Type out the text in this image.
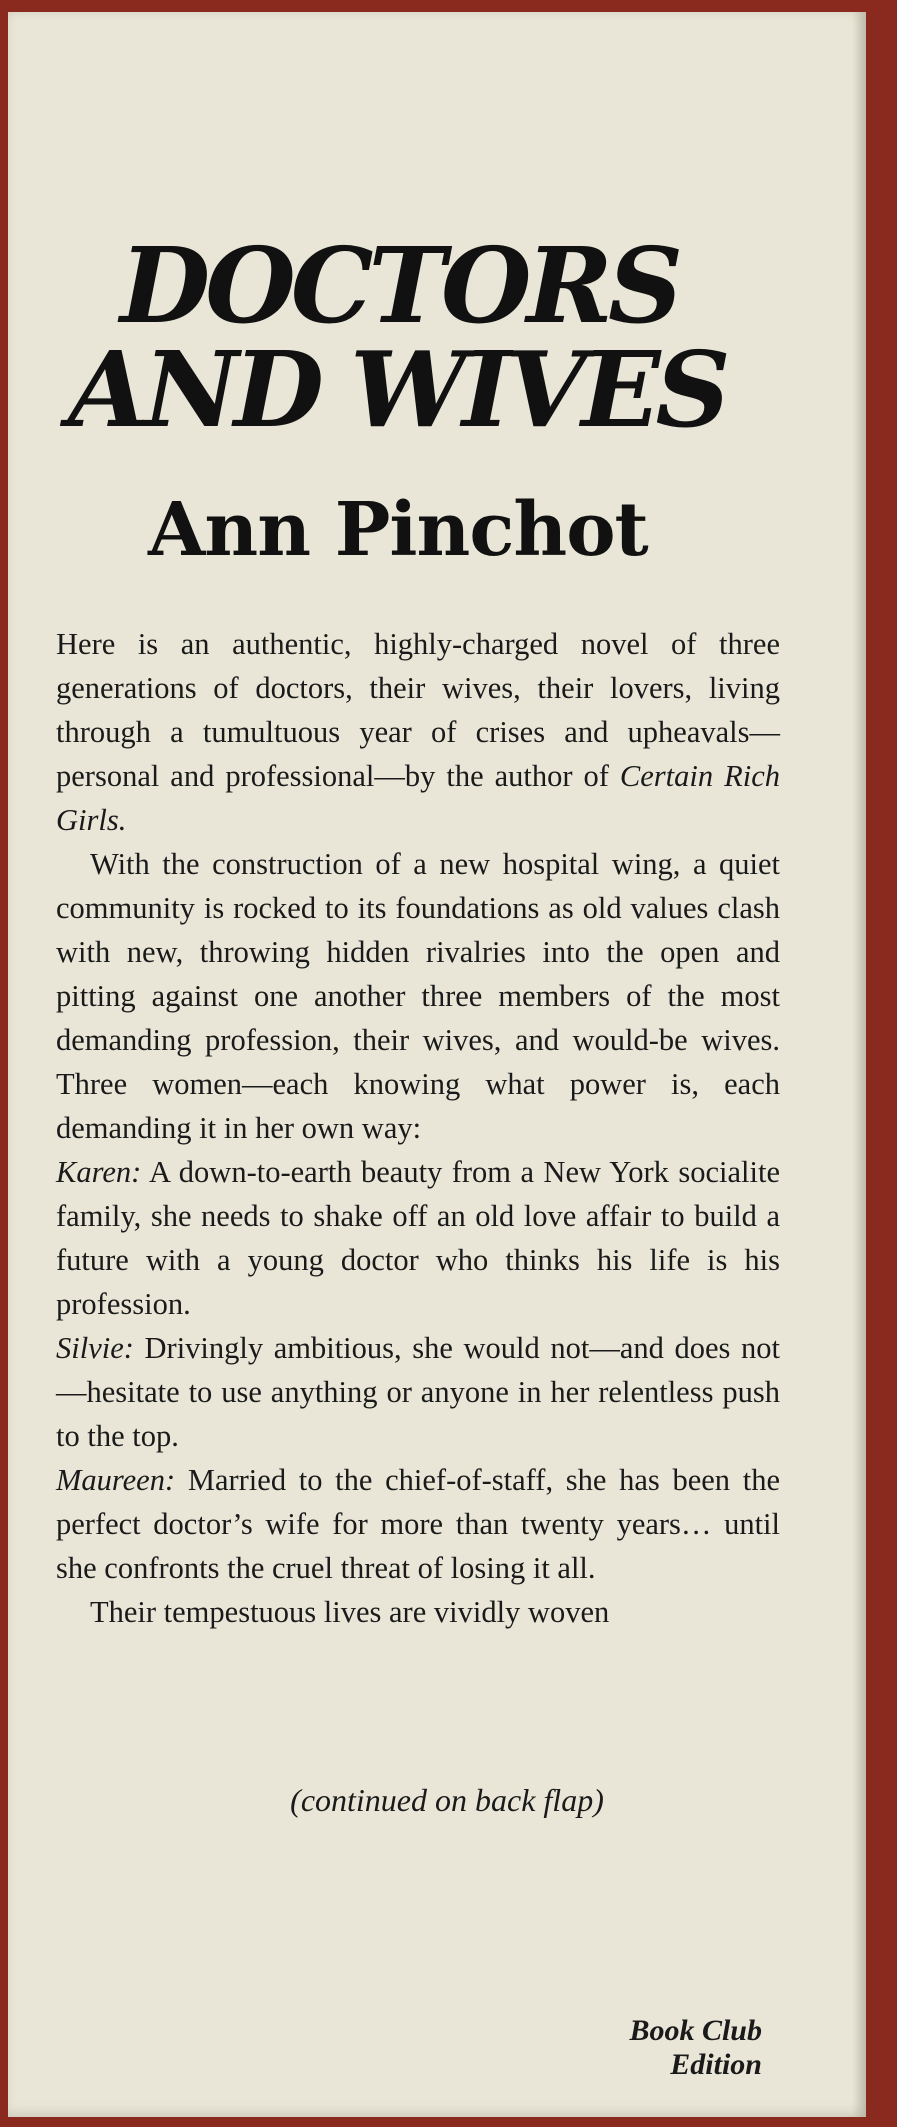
DOCTORS
AND WIVES
Ann Pinchot

Here is an authentic, highly-charged novel of three generations of doctors, their wives, their lovers, living through a tumultuous year of crises and upheavals—personal and professional—by the author of Certain Rich Girls.

With the construction of a new hospital wing, a quiet community is rocked to its foundations as old values clash with new, throwing hidden rivalries into the open and pitting against one another three members of the most demanding profession, their wives, and would-be wives. Three women—each knowing what power is, each demanding it in her own way:

Karen: A down-to-earth beauty from a New York socialite family, she needs to shake off an old love affair to build a future with a young doctor who thinks his life is his profession.

Silvie: Drivingly ambitious, she would not—and does not—hesitate to use anything or anyone in her relentless push to the top.

Maureen: Married to the chief-of-staff, she has been the perfect doctor’s wife for more than twenty years… until she confronts the cruel threat of losing it all.

Their tempestuous lives are vividly woven

(continued on back flap)
Book Club
Edition
